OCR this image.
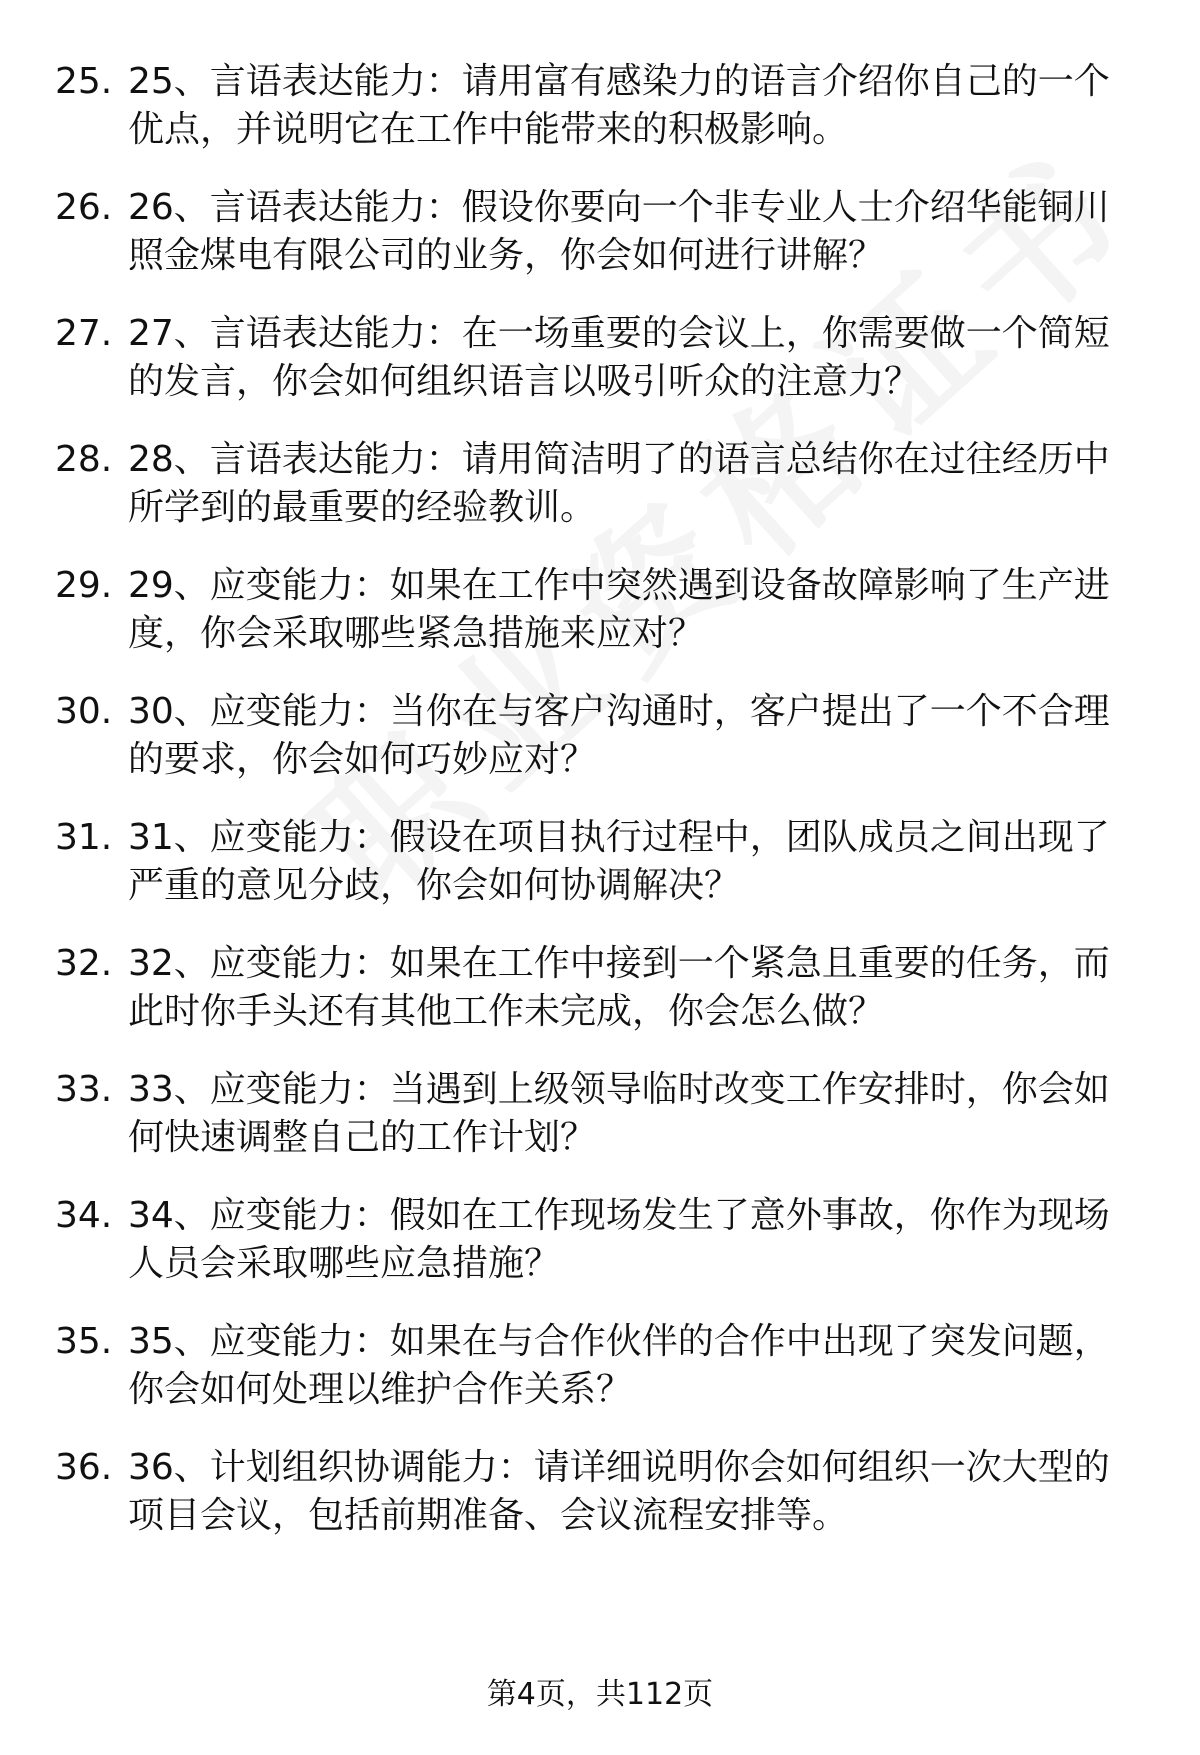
25. 25、言语表达能力：请用富有感染力的语言介绍你自己的一个优点，并说明它在工作中能带来的积极影响。
26. 26、言语表达能力：假设你要向一个非专业人士介绍华能铜川照金煤电有限公司的业务，你会如何进行讲解？
27. 27、言语表达能力：在一场重要的会议上，你需要做一个简短的发言，你会如何组织语言以吸引听众的注意力？
28. 28、言语表达能力：请用简洁明了的语言总结你在过往经历中所学到的最重要的经验教训。
29. 29、应变能力：如果在工作中突然遇到设备故障影响了生产进度，你会采取哪些紧急措施来应对？
30. 30、应变能力：当你在与客户沟通时，客户提出了一个不合理的要求，你会如何巧妙应对？
31. 31、应变能力：假设在项目执行过程中，团队成员之间出现了严重的意见分歧，你会如何协调解决？
32. 32、应变能力：如果在工作中接到一个紧急且重要的任务，而此时你手头还有其他工作未完成，你会怎么做？
33. 33、应变能力：当遇到上级领导临时改变工作安排时，你会如何快速调整自己的工作计划？
34. 34、应变能力：假如在工作现场发生了意外事故，你作为现场人员会采取哪些应急措施？
35. 35、应变能力：如果在与合作伙伴的合作中出现了突发问题，你会如何处理以维护合作关系？
36. 36、计划组织协调能力：请详细说明你会如何组织一次大型的项目会议，包括前期准备、会议流程安排等。
第4页，共112页
